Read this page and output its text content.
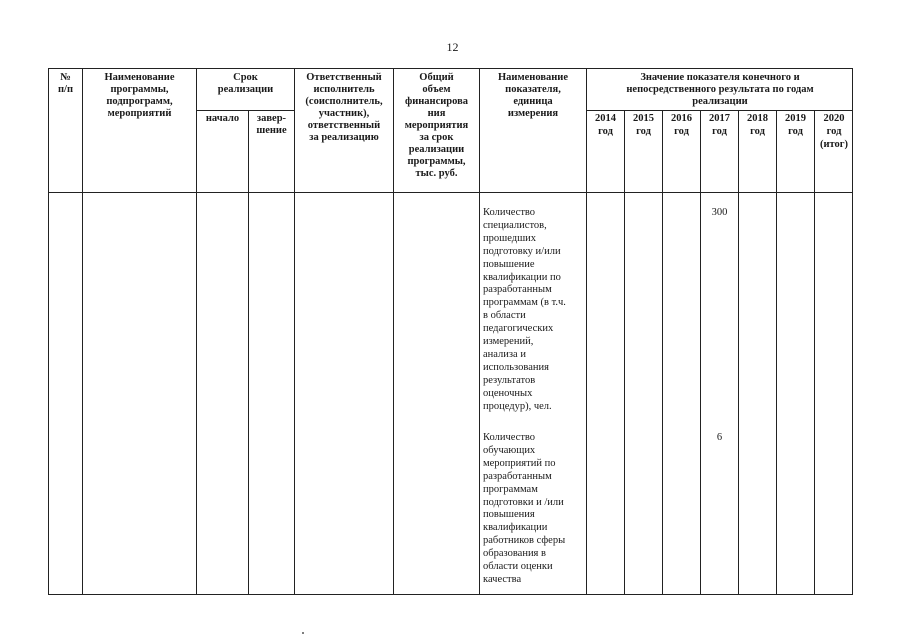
12
№
п/п
Наименование
программы,
подпрограмм,
мероприятий
Срок
реализации
начало	завер-
шение
Ответственный
исполнитель
(соисполнитель,
участник),
ответственный
за реализацию
Общий
объем
финансирова
ния
мероприятия
за срок
реализации
программы,
тыс. руб.
Наименование
показателя,
единица
измерения
Значение показателя конечного и
непосредственного результата по годам
реализации
2014
год
2015
год
2016
год
2017
год
2018
год
2019
год
2020
год
(итог)
Количество
специалистов,
прошедших
подготовку и/или
повышение
квалификации по
разработанным
программам (в т.ч.
в области
педагогических
измерений,
анализа и
использования
результатов
оценочных
процедур), чел.
300
Количество
обучающих
мероприятий по
разработанным
программам
подготовки и /или
повышения
квалификации
работников сферы
образования в
области оценки
качества
6
